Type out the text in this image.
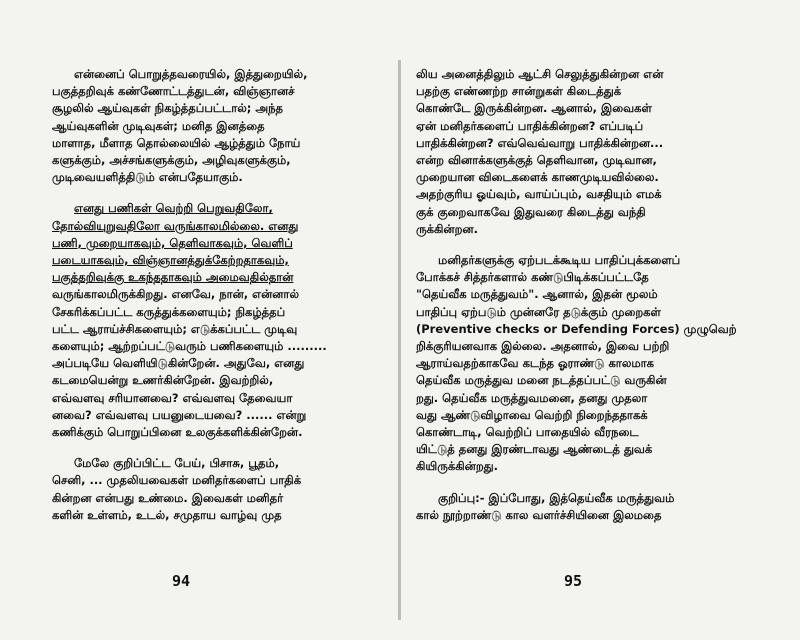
என்னைப் பொறுத்தவரையில், இத்துறையில்,
பகுத்தறிவுக் கண்ணோட்டத்துடன், விஞ்ஞானச்
சூழலில் ஆய்வுகள் நிகழ்த்தப்பட்டால்; அந்த
ஆய்வுகளின் முடிவுகள்; மனித இனத்தை
மாளாத, மீளாத தொல்லையில் ஆழ்த்தும் நோய்
களுக்கும், அச்சங்களுக்கும், அழிவுகளுக்கும்,
முடிவையளித்திடும் என்பதேயாகும்.
எனது பணிகள் வெற்றி பெறுவதிலோ,
தோல்வியுறுவதிலோ வருங்காலமில்லை. எனது
பணி, முறையாகவும், தெளிவாகவும், வெளிப்
படையாகவும், விஞ்ஞானத்துக்கேற்றதாகவும்,
பகுத்தறிவுக்கு உகந்ததாகவும் அமைவதில்தான்
வருங்காலமிருக்கிறது. எனவே, நான், என்னால்
சேகரிக்கப்பட்ட கருத்துக்களையும்; நிகழ்த்தப்
பட்ட ஆராய்ச்சிகளையும்; எடுக்கப்பட்ட முடிவு
களையும்; ஆற்றப்பட்டுவரும் பணிகளையும் .........
அப்படியே வெளியிடுகின்றேன். அதுவே, எனது
கடமையென்று உணர்கின்றேன். இவற்றில்,
எவ்வளவு சரியானவை? எவ்வளவு தேவையா
னவை? எவ்வளவு பயனுடையவை? ...... என்று
கணிக்கும் பொறுப்பினை உலகுக்களிக்கின்றேன்.
மேலே குறிப்பிட்ட பேய், பிசாசு, பூதம்,
செனி, ... முதலியவைகள் மனிதர்களைப் பாதிக்
கின்றன என்பது உண்மை. இவைகள் மனிதர்
களின் உள்ளம், உடல், சமுதாய வாழ்வு முத
94
லிய அனைத்திலும் ஆட்சி செலுத்துகின்றன என்
பதற்கு எண்ணற்ற சான்றுகள் கிடைத்துக்
கொண்டே இருக்கின்றன. ஆனால், இவைகள்
ஏன் மனிதர்களைப் பாதிக்கின்றன? எப்படிப்
பாதிக்கின்றன? எவ்வெவ்வாறு பாதிக்கின்றன...
என்ற வினாக்களுக்குத் தெளிவான, முடிவான,
முறையான விடைகளைக் காணமுடியவில்லை.
அதற்குரிய ஓய்வும், வாய்ப்பும், வசதியும் எமக்
குக் குறைவாகவே இதுவரை கிடைத்து வந்தி
ருக்கின்றன.
மனிதர்களுக்கு ஏற்படக்கூடிய பாதிப்புக்களைப்
போக்கச் சித்தர்களால் கண்டுபிடிக்கப்பட்டதே
"தெய்வீக மருத்துவம்". ஆனால், இதன் மூலம்
பாதிப்பு ஏற்படும் முன்னரே தடுக்கும் முறைகள்
(Preventive checks or Defending Forces) முழுவெற்
றிக்குரியனவாக இல்லை. அதனால், இவை பற்றி
ஆராய்வதற்காகவே கடந்த ஓராண்டு காலமாக
தெய்வீக மருத்துவ மனை நடத்தப்பட்டு வருகின்
றது. தெய்வீக மருத்துவமனை, தனது முதலா
வது ஆண்டுவிழாவை வெற்றி நிறைந்ததாகக்
கொண்டாடி, வெற்றிப் பாதையில் வீரநடை
யிட்டுத் தனது இரண்டாவது ஆண்டைத் துவக்
கியிருக்கின்றது.
குறிப்பு:- இப்போது, இத்தெய்வீக மருத்துவம்
கால் நூற்றாண்டு கால வளர்ச்சியினை இலமதை
95
